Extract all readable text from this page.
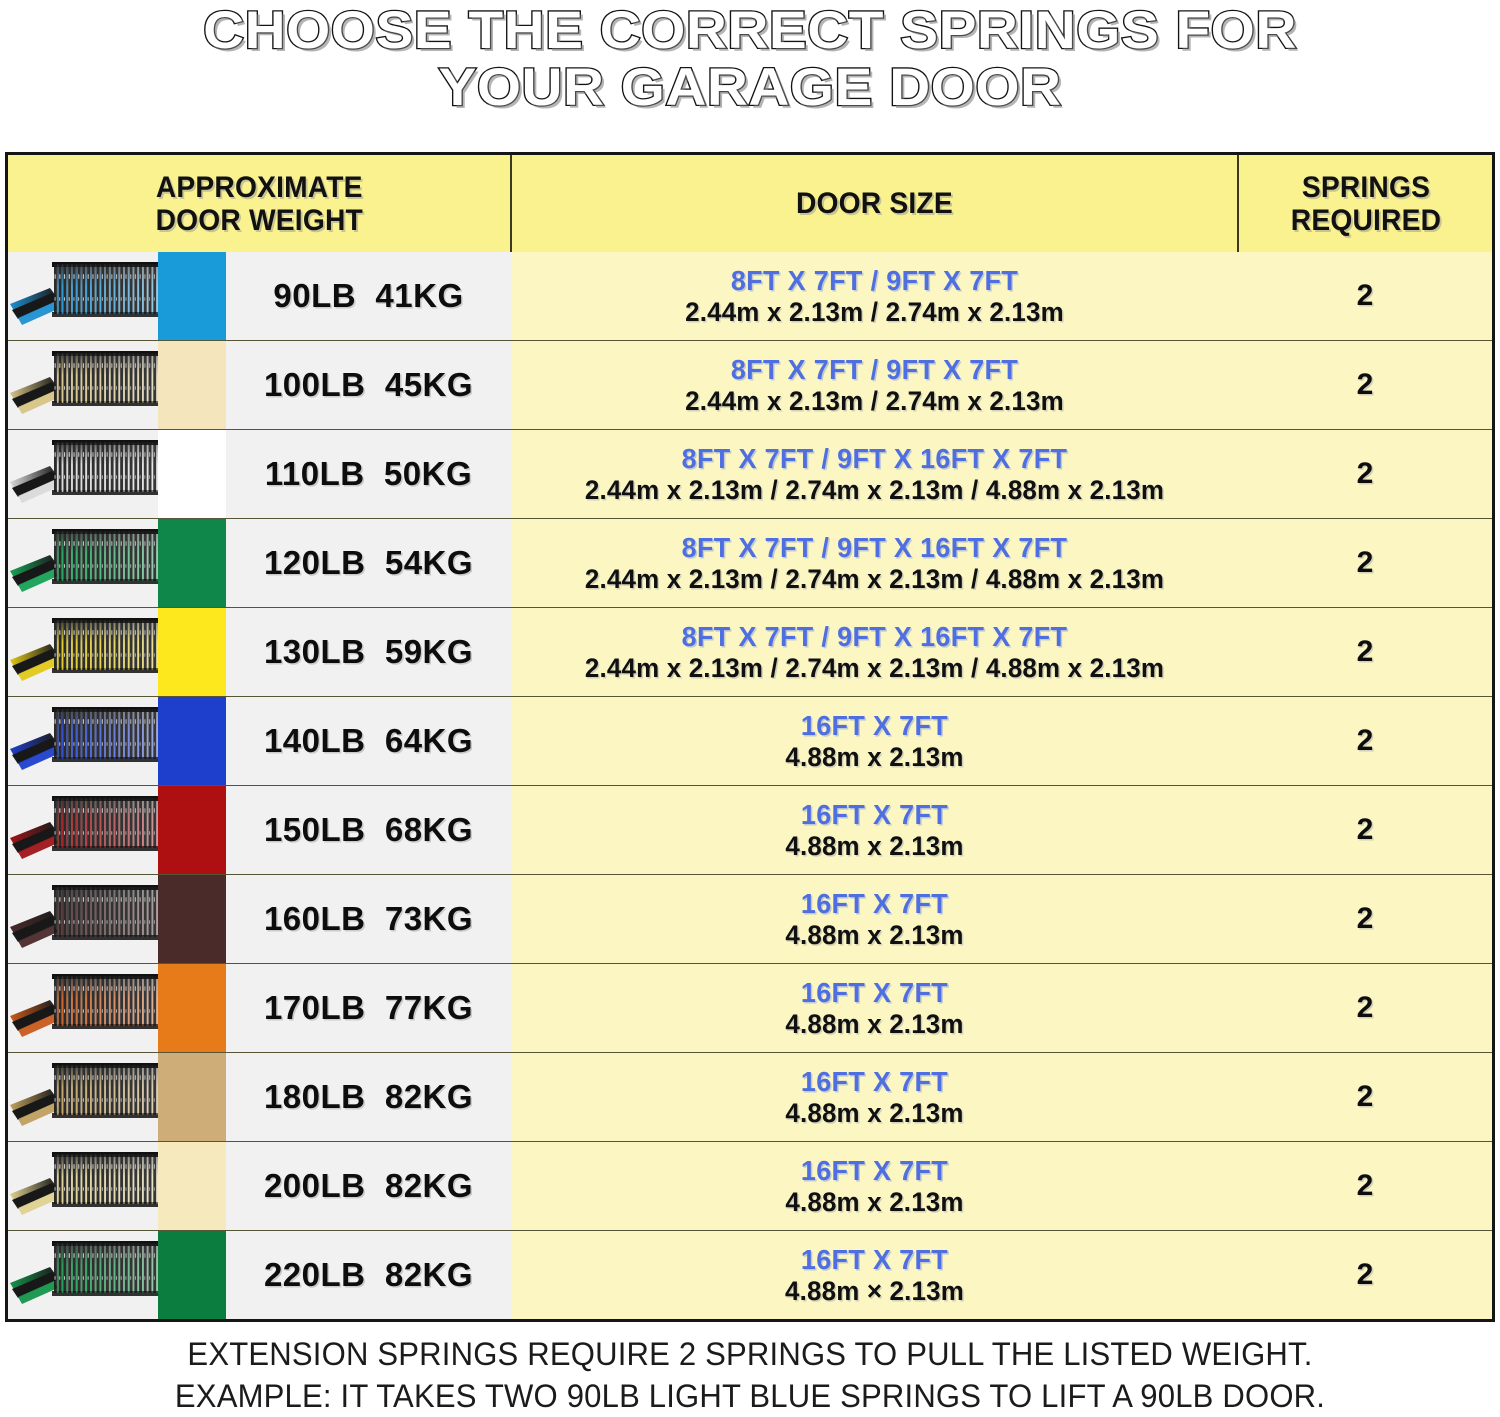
CHOOSE THE CORRECT SPRINGS FOR
YOUR GARAGE DOOR
APPROXIMATE
DOOR WEIGHT			DOOR SIZE	SPRINGS
REQUIRED

	90LB  41KG	8FT X 7FT / 9FT X 7FT
2.44m x 2.13m / 2.74m x 2.13m	2

	100LB  45KG	8FT X 7FT / 9FT X 7FT
2.44m x 2.13m / 2.74m x 2.13m	2

	110LB  50KG	8FT X 7FT / 9FT X 16FT X 7FT
2.44m x 2.13m / 2.74m x 2.13m / 4.88m x 2.13m	2

	120LB  54KG	8FT X 7FT / 9FT X 16FT X 7FT
2.44m x 2.13m / 2.74m x 2.13m / 4.88m x 2.13m	2

	130LB  59KG	8FT X 7FT / 9FT X 16FT X 7FT
2.44m x 2.13m / 2.74m x 2.13m / 4.88m x 2.13m	2

	140LB  64KG	16FT X 7FT
4.88m x 2.13m	2

	150LB  68KG	16FT X 7FT
4.88m x 2.13m	2

	160LB  73KG	16FT X 7FT
4.88m x 2.13m	2

	170LB  77KG	16FT X 7FT
4.88m x 2.13m	2

	180LB  82KG	16FT X 7FT
4.88m x 2.13m	2

	200LB  82KG	16FT X 7FT
4.88m x 2.13m	2

	220LB  82KG	16FT X 7FT
4.88m × 2.13m	2
EXTENSION SPRINGS REQUIRE 2 SPRINGS TO PULL THE LISTED WEIGHT.
EXAMPLE: IT TAKES TWO 90LB LIGHT BLUE SPRINGS TO LIFT A 90LB DOOR.
